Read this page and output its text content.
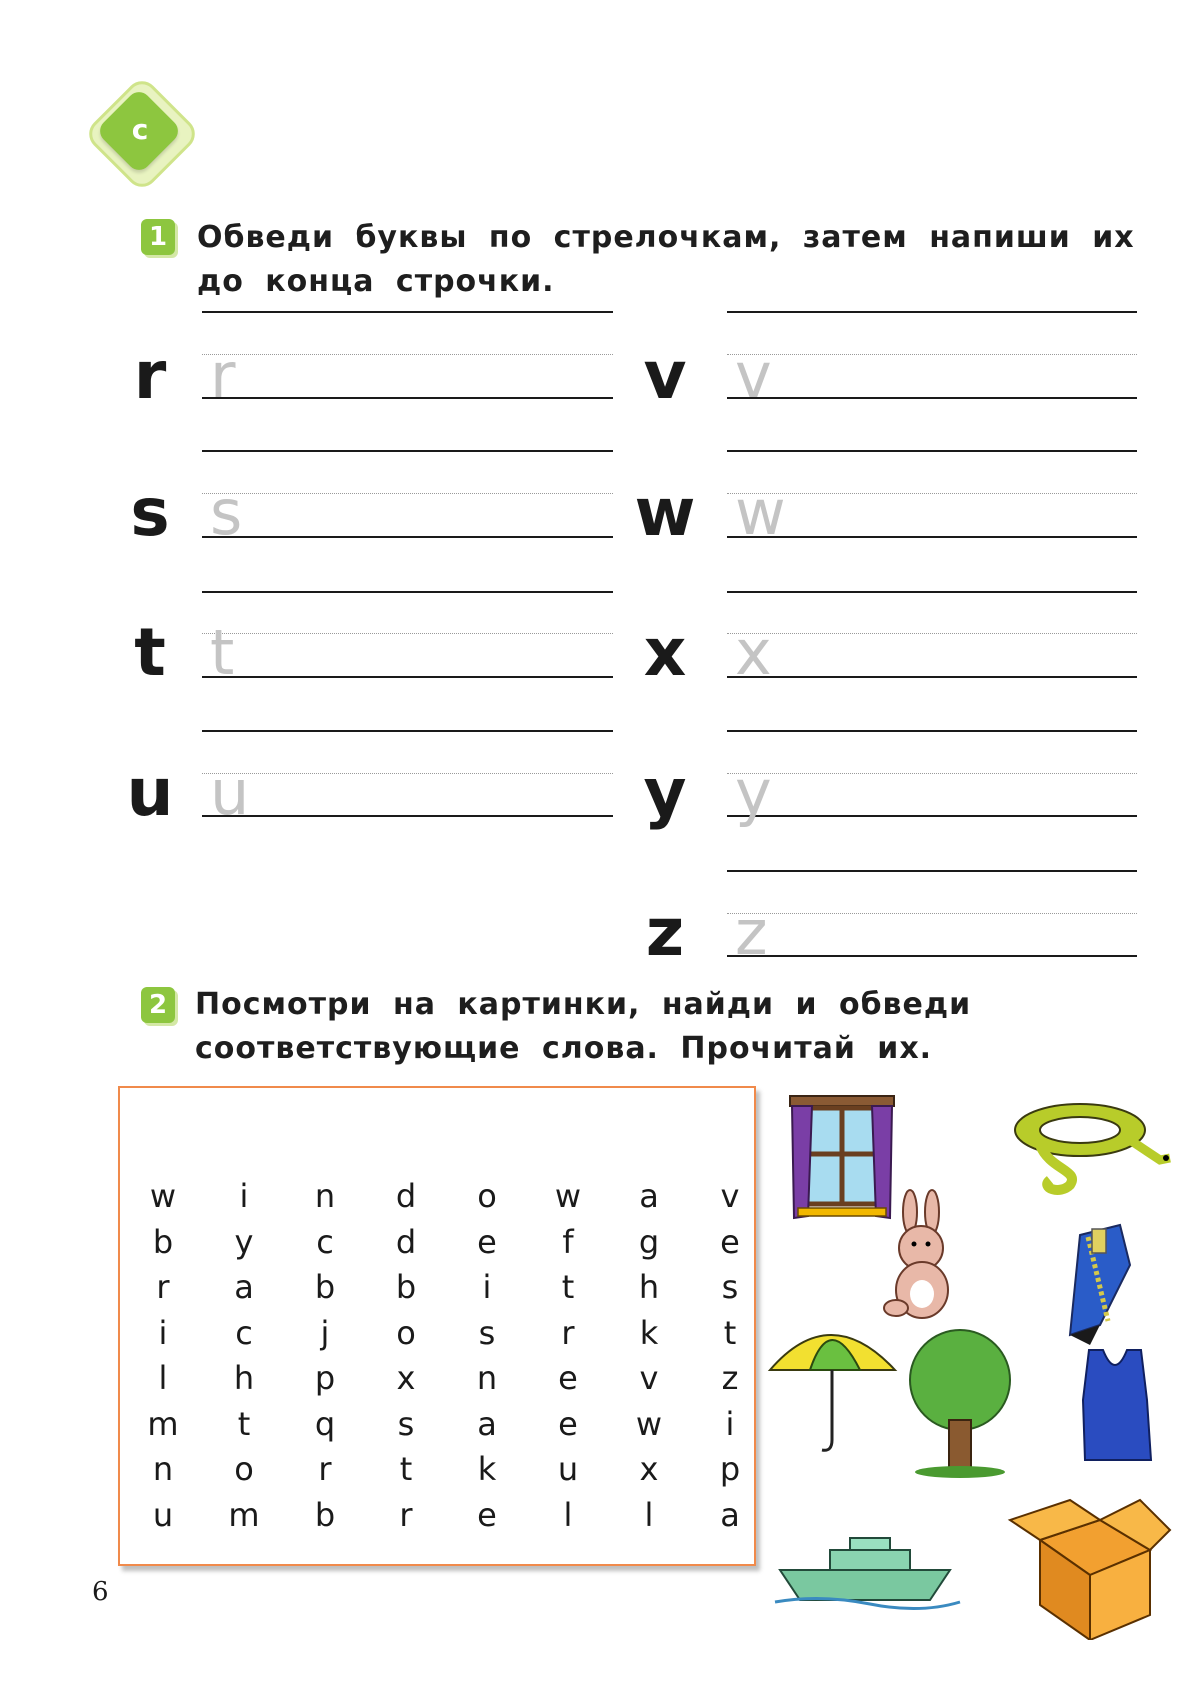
c
1 Обведи буквы по стрелочкам, затем напиши их
до конца строчки.
r
s
t
u
r
s
t
u
v
w
x
y
z
v
w
x
y
z
2 Посмотри на картинки, найди и обведи
соответствующие слова. Прочитай их.
w	i	n	d	o	w	a	v
b	y	c	d	e	f	g	e
r	a	b	b	i	t	h	s
i	c	j	o	s	r	k	t
l	h	p	x	n	e	v	z
m	t	q	s	a	e	w	i
n	o	r	t	k	u	x	p
u	m	b	r	e	l	l	a
6
